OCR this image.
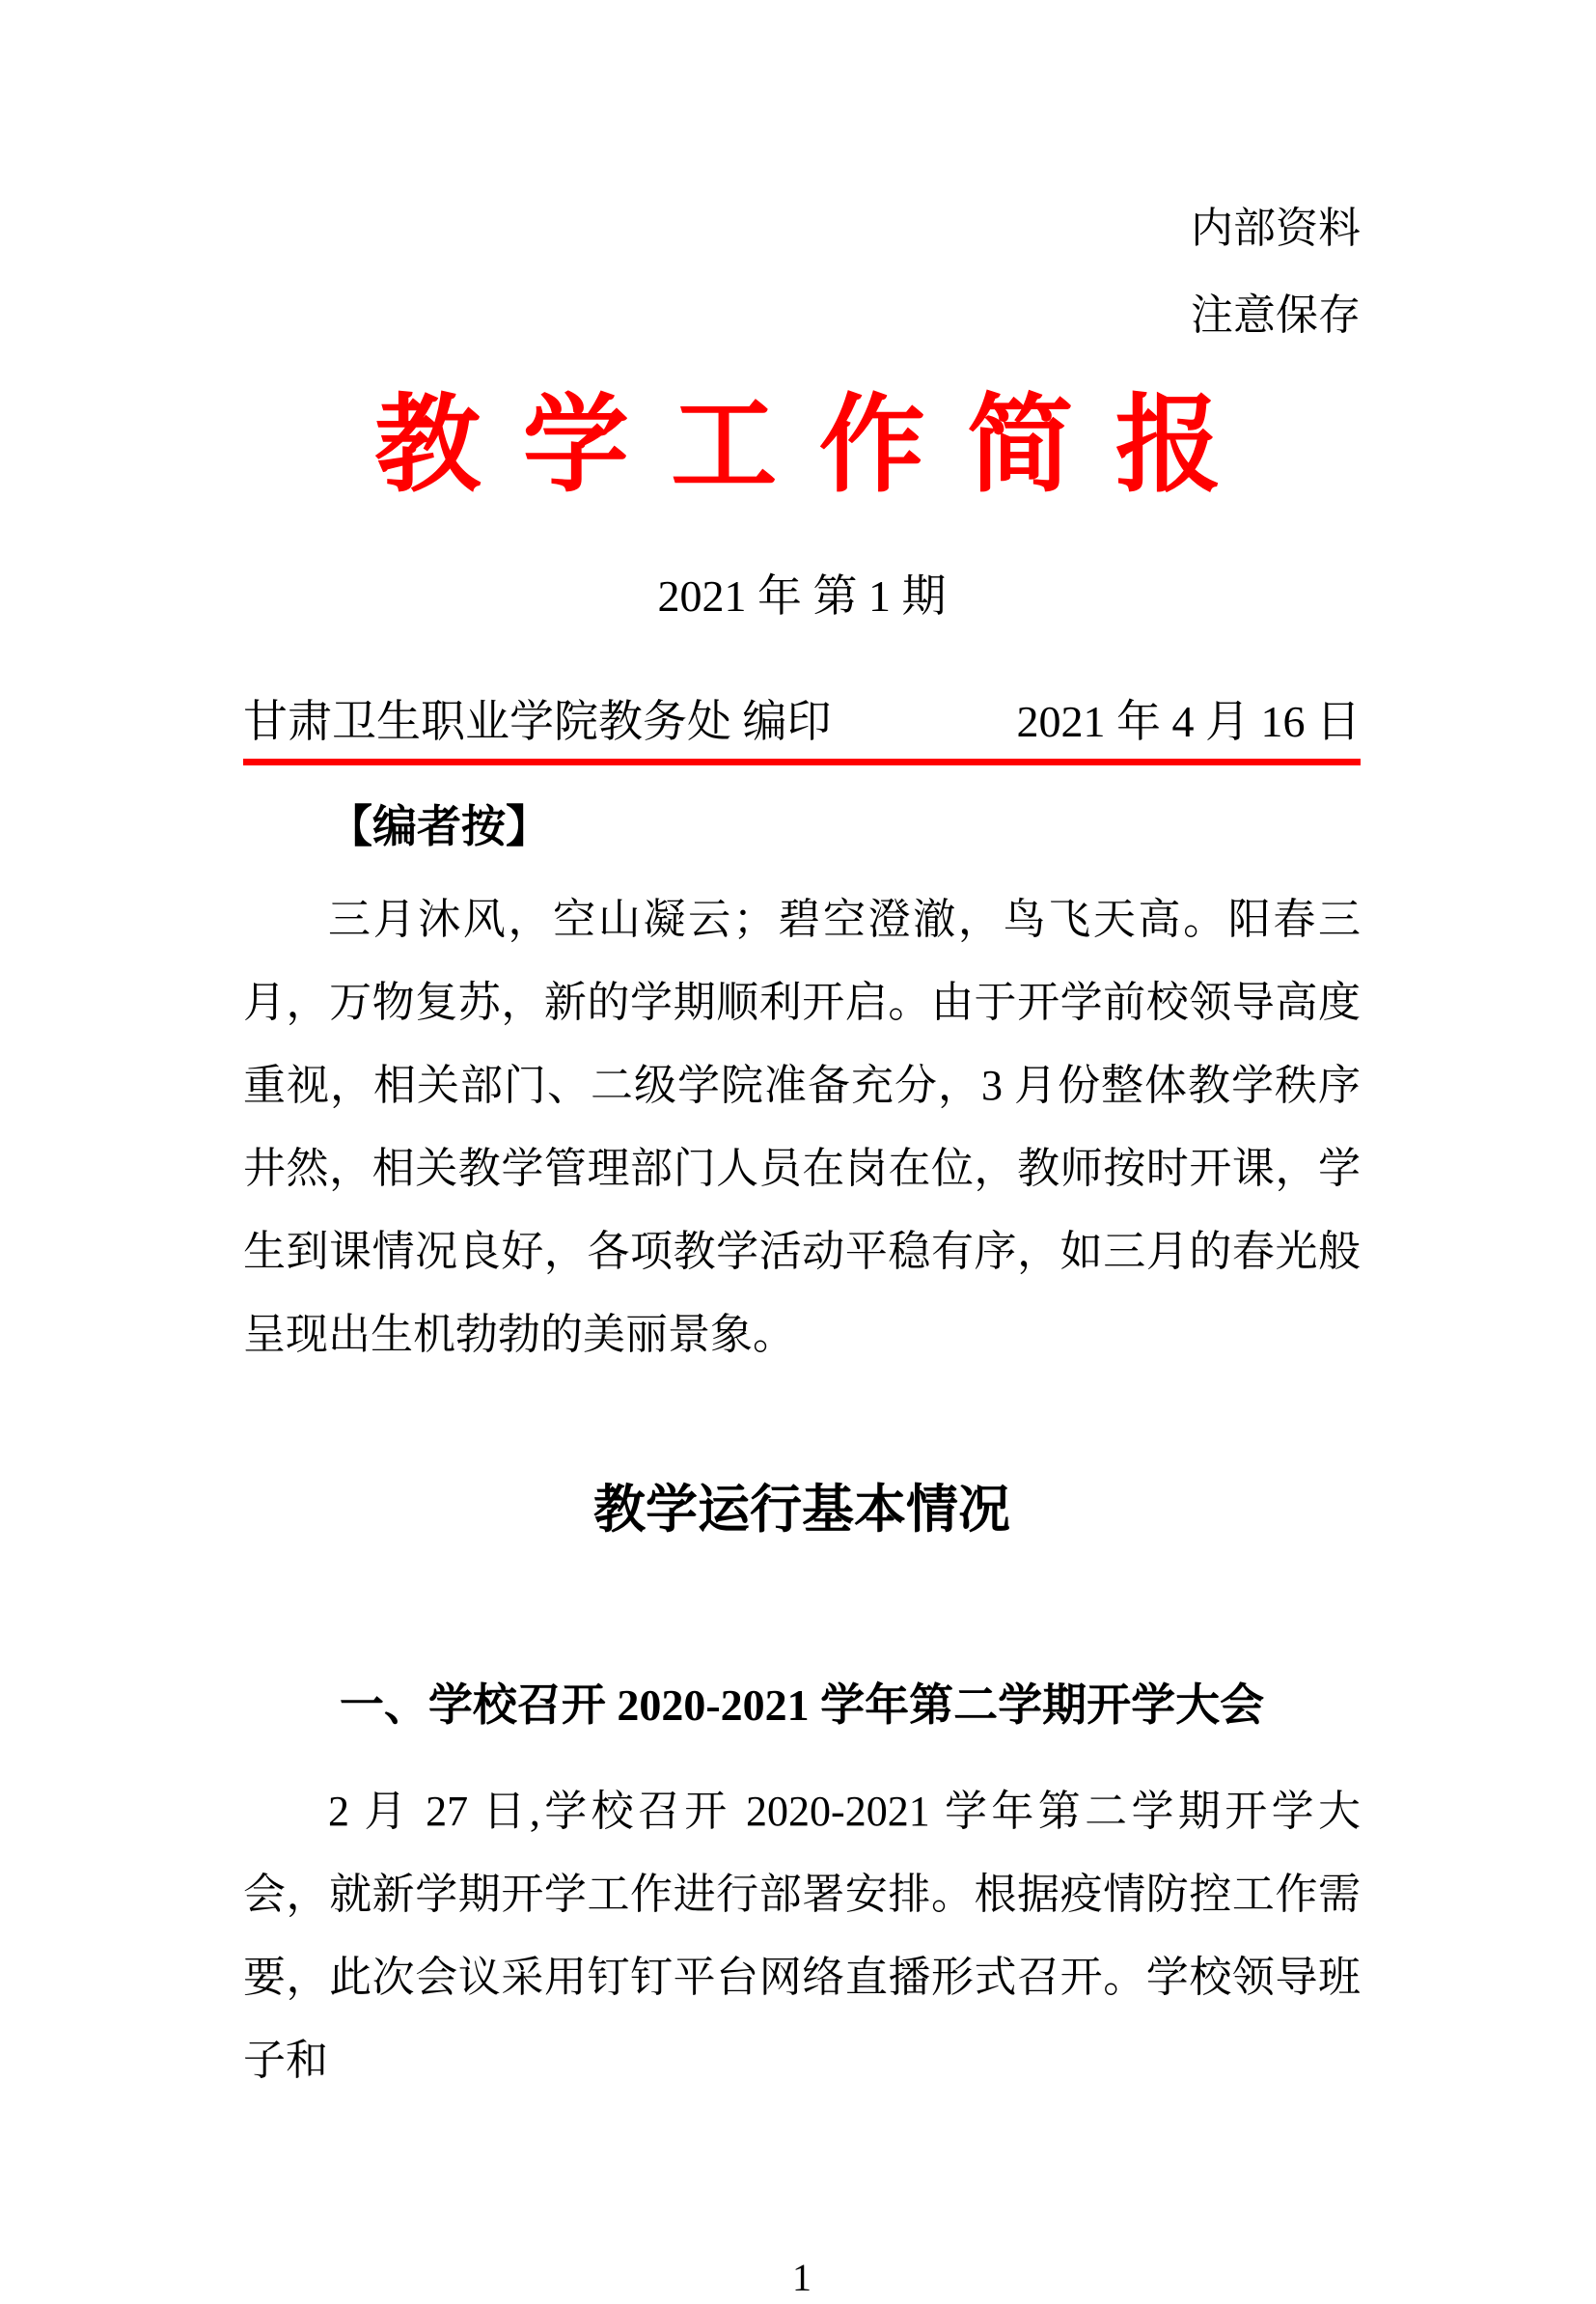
内部资料
注意保存
教 学 工 作 简 报
2021 年 第 1 期
甘肃卫生职业学院教务处 编印	2021 年 4 月 16 日
【编者按】

三月沐风，空山凝云；碧空澄澈，鸟飞天高。阳春三月，万物复苏，新的学期顺利开启。由于开学前校领导高度重视，相关部门、二级学院准备充分，3 月份整体教学秩序井然，相关教学管理部门人员在岗在位，教师按时开课，学生到课情况良好，各项教学活动平稳有序，如三月的春光般呈现出生机勃勃的美丽景象。

教学运行基本情况
一、学校召开 2020-2021 学年第二学期开学大会

2 月 27 日,学校召开 2020-2021 学年第二学期开学大会，就新学期开学工作进行部署安排。根据疫情防控工作需要，此次会议采用钉钉平台网络直播形式召开。学校领导班子和

1
